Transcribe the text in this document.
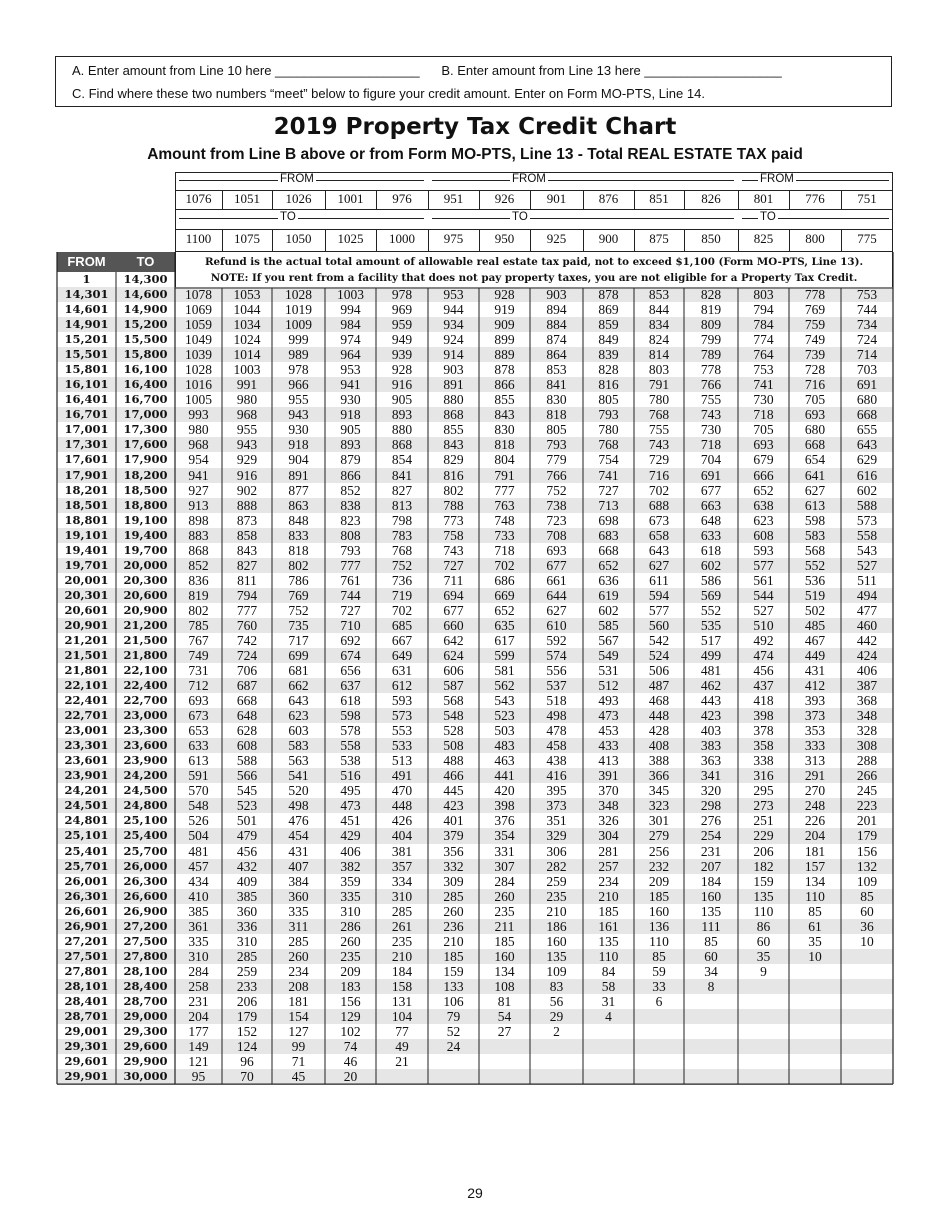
A. Enter amount from Line 10 here ____________________      B. Enter amount from Line 13 here ___________________
C. Find where these two numbers “meet” below to figure your credit amount. Enter on Form MO-PTS, Line 14.
2019 Property Tax Credit Chart
Amount from Line B above or from Form MO-PTS, Line 13 - Total REAL ESTATE TAX paid
FROM	FROM	FROM
TO	TO	TO
1076	1051	1026	1001	976	951	926	901	876	851	826	801	776	751
1100	1075	1050	1025	1000	975	950	925	900	875	850	825	800	775
FROM	TO	Refund is the actual total amount of allowable real estate tax paid, not to exceed $1,100 (Form MO-PTS, Line 13).
NOTE: If you rent from a facility that does not pay property taxes, you are not eligible for a Property Tax Credit.
1	14,300
14,301	14,600	1078	1053	1028	1003	978	953	928	903	878	853	828	803	778	753
14,601	14,900	1069	1044	1019	994	969	944	919	894	869	844	819	794	769	744
14,901	15,200	1059	1034	1009	984	959	934	909	884	859	834	809	784	759	734
15,201	15,500	1049	1024	999	974	949	924	899	874	849	824	799	774	749	724
15,501	15,800	1039	1014	989	964	939	914	889	864	839	814	789	764	739	714
15,801	16,100	1028	1003	978	953	928	903	878	853	828	803	778	753	728	703
16,101	16,400	1016	991	966	941	916	891	866	841	816	791	766	741	716	691
16,401	16,700	1005	980	955	930	905	880	855	830	805	780	755	730	705	680
16,701	17,000	993	968	943	918	893	868	843	818	793	768	743	718	693	668
17,001	17,300	980	955	930	905	880	855	830	805	780	755	730	705	680	655
17,301	17,600	968	943	918	893	868	843	818	793	768	743	718	693	668	643
17,601	17,900	954	929	904	879	854	829	804	779	754	729	704	679	654	629
17,901	18,200	941	916	891	866	841	816	791	766	741	716	691	666	641	616
18,201	18,500	927	902	877	852	827	802	777	752	727	702	677	652	627	602
18,501	18,800	913	888	863	838	813	788	763	738	713	688	663	638	613	588
18,801	19,100	898	873	848	823	798	773	748	723	698	673	648	623	598	573
19,101	19,400	883	858	833	808	783	758	733	708	683	658	633	608	583	558
19,401	19,700	868	843	818	793	768	743	718	693	668	643	618	593	568	543
19,701	20,000	852	827	802	777	752	727	702	677	652	627	602	577	552	527
20,001	20,300	836	811	786	761	736	711	686	661	636	611	586	561	536	511
20,301	20,600	819	794	769	744	719	694	669	644	619	594	569	544	519	494
20,601	20,900	802	777	752	727	702	677	652	627	602	577	552	527	502	477
20,901	21,200	785	760	735	710	685	660	635	610	585	560	535	510	485	460
21,201	21,500	767	742	717	692	667	642	617	592	567	542	517	492	467	442
21,501	21,800	749	724	699	674	649	624	599	574	549	524	499	474	449	424
21,801	22,100	731	706	681	656	631	606	581	556	531	506	481	456	431	406
22,101	22,400	712	687	662	637	612	587	562	537	512	487	462	437	412	387
22,401	22,700	693	668	643	618	593	568	543	518	493	468	443	418	393	368
22,701	23,000	673	648	623	598	573	548	523	498	473	448	423	398	373	348
23,001	23,300	653	628	603	578	553	528	503	478	453	428	403	378	353	328
23,301	23,600	633	608	583	558	533	508	483	458	433	408	383	358	333	308
23,601	23,900	613	588	563	538	513	488	463	438	413	388	363	338	313	288
23,901	24,200	591	566	541	516	491	466	441	416	391	366	341	316	291	266
24,201	24,500	570	545	520	495	470	445	420	395	370	345	320	295	270	245
24,501	24,800	548	523	498	473	448	423	398	373	348	323	298	273	248	223
24,801	25,100	526	501	476	451	426	401	376	351	326	301	276	251	226	201
25,101	25,400	504	479	454	429	404	379	354	329	304	279	254	229	204	179
25,401	25,700	481	456	431	406	381	356	331	306	281	256	231	206	181	156
25,701	26,000	457	432	407	382	357	332	307	282	257	232	207	182	157	132
26,001	26,300	434	409	384	359	334	309	284	259	234	209	184	159	134	109
26,301	26,600	410	385	360	335	310	285	260	235	210	185	160	135	110	85
26,601	26,900	385	360	335	310	285	260	235	210	185	160	135	110	85	60
26,901	27,200	361	336	311	286	261	236	211	186	161	136	111	86	61	36
27,201	27,500	335	310	285	260	235	210	185	160	135	110	85	60	35	10
27,501	27,800	310	285	260	235	210	185	160	135	110	85	60	35	10
27,801	28,100	284	259	234	209	184	159	134	109	84	59	34	9
28,101	28,400	258	233	208	183	158	133	108	83	58	33	8
28,401	28,700	231	206	181	156	131	106	81	56	31	6
28,701	29,000	204	179	154	129	104	79	54	29	4
29,001	29,300	177	152	127	102	77	52	27	2
29,301	29,600	149	124	99	74	49	24
29,601	29,900	121	96	71	46	21
29,901	30,000	95	70	45	20
29
